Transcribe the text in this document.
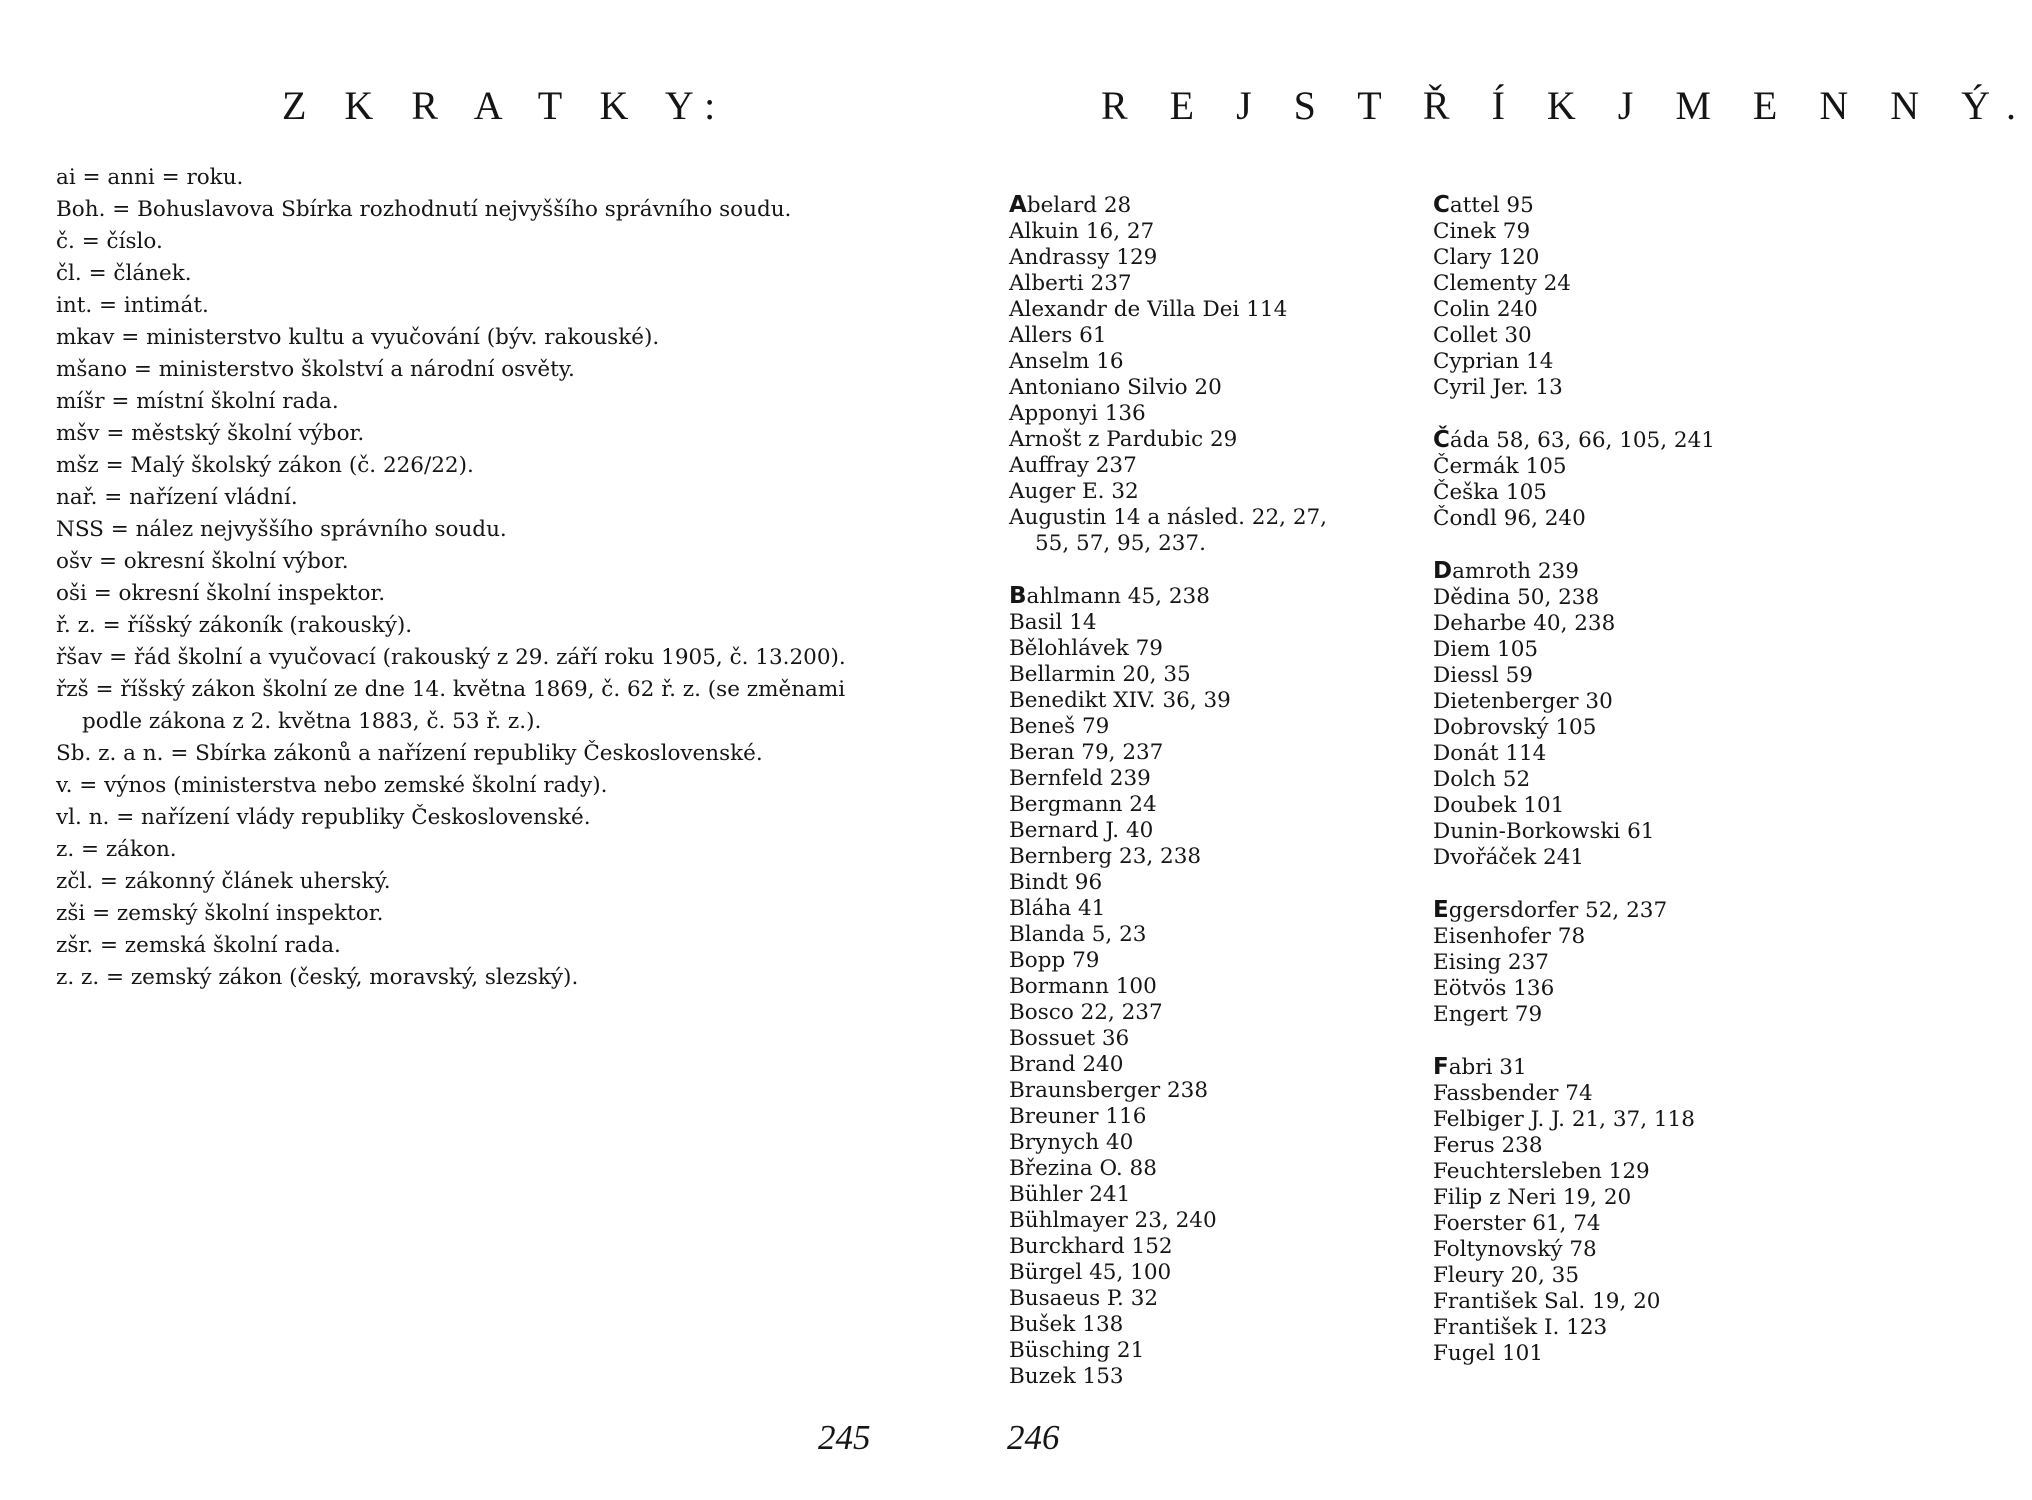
Z K R A T K Y:
ai = anni = roku.
Boh. = Bohuslavova Sbírka rozhodnutí nejvyššího správního soudu.
č. = číslo.
čl. = článek.
int. = intimát.
mkav = ministerstvo kultu a vyučování (býv. rakouské).
mšano = ministerstvo školství a národní osvěty.
míšr = místní školní rada.
mšv = městský školní výbor.
mšz = Malý školský zákon (č. 226/22).
nař. = nařízení vládní.
NSS = nález nejvyššího správního soudu.
ošv = okresní školní výbor.
oši = okresní školní inspektor.
ř. z. = říšský zákoník (rakouský).
řšav = řád školní a vyučovací (rakouský z 29. září roku 1905, č. 13.200).
řzš = říšský zákon školní ze dne 14. května 1869, č. 62 ř. z. (se změnami podle zákona z 2. května 1883, č. 53 ř. z.).
Sb. z. a n. = Sbírka zákonů a nařízení republiky Československé.
v. = výnos (ministerstva nebo zemské školní rady).
vl. n. = nařízení vlády republiky Československé.
z. = zákon.
zčl. = zákonný článek uherský.
zši = zemský školní inspektor.
zšr. = zemská školní rada.
z. z. = zemský zákon (český, moravský, slezský).
245
R E J S T Ř Í K J M E N N Ý.
Abelard 28
Alkuin 16, 27
Andrassy 129
Alberti 237
Alexandr de Villa Dei 114
Allers 61
Anselm 16
Antoniano Silvio 20
Apponyi 136
Arnošt z Pardubic 29
Auffray 237
Auger E. 32
Augustin 14 a násled. 22, 27, 55, 57, 95, 237.
Bahlmann 45, 238
Basil 14
Bělohlávek 79
Bellarmin 20, 35
Benedikt XIV. 36, 39
Beneš 79
Beran 79, 237
Bernfeld 239
Bergmann 24
Bernard J. 40
Bernberg 23, 238
Bindt 96
Bláha 41
Blanda 5, 23
Bopp 79
Bormann 100
Bosco 22, 237
Bossuet 36
Brand 240
Braunsberger 238
Breuner 116
Brynych 40
Březina O. 88
Bühler 241
Bühlmayer 23, 240
Burckhard 152
Bürgel 45, 100
Busaeus P. 32
Bušek 138
Büsching 21
Buzek 153
Cattel 95
Cinek 79
Clary 120
Clementy 24
Colin 240
Collet 30
Cyprian 14
Cyril Jer. 13
Čáda 58, 63, 66, 105, 241
Čermák 105
Češka 105
Čondl 96, 240
Damroth 239
Dědina 50, 238
Deharbe 40, 238
Diem 105
Diessl 59
Dietenberger 30
Dobrovský 105
Donát 114
Dolch 52
Doubek 101
Dunin-Borkowski 61
Dvořáček 241
Eggersdorfer 52, 237
Eisenhofer 78
Eising 237
Eötvös 136
Engert 79
Fabri 31
Fassbender 74
Felbiger J. J. 21, 37, 118
Ferus 238
Feuchtersleben 129
Filip z Neri 19, 20
Foerster 61, 74
Foltynovský 78
Fleury 20, 35
František Sal. 19, 20
František I. 123
Fugel 101
246
